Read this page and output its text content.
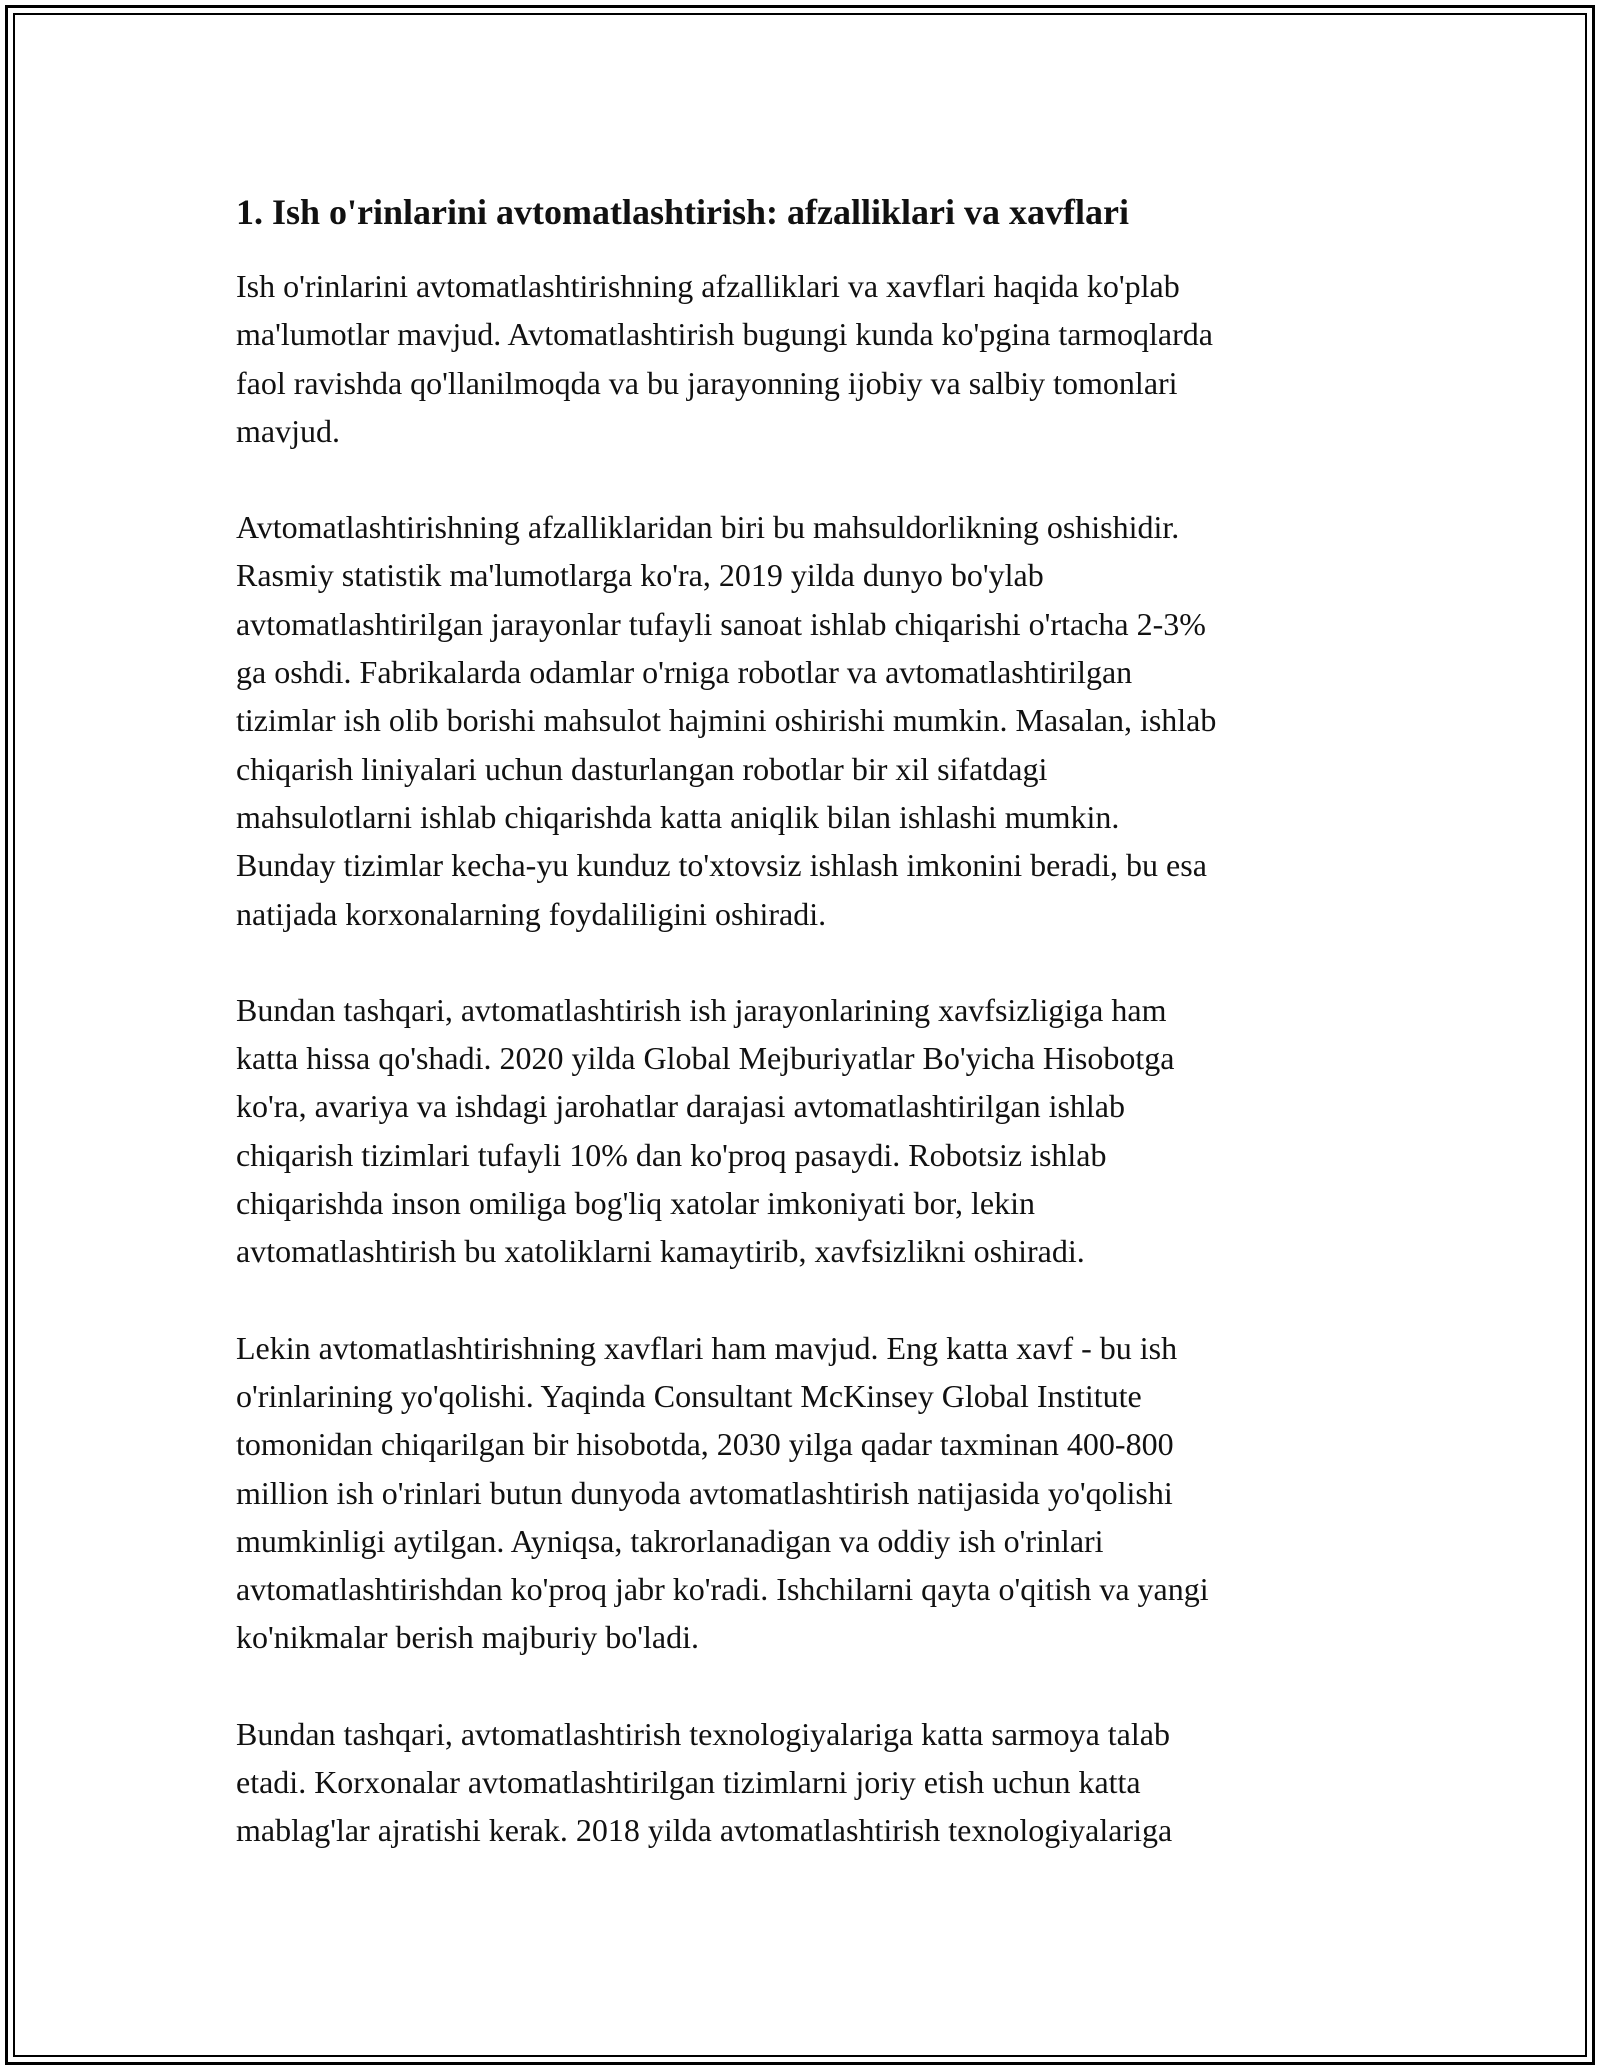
1. Ish o'rinlarini avtomatlashtirish: afzalliklari va xavflari

Ish o'rinlarini avtomatlashtirishning afzalliklari va xavflari haqida ko'plab
ma'lumotlar mavjud. Avtomatlashtirish bugungi kunda ko'pgina tarmoqlarda
faol ravishda qo'llanilmoqda va bu jarayonning ijobiy va salbiy tomonlari
mavjud.

Avtomatlashtirishning afzalliklaridan biri bu mahsuldorlikning oshishidir.
Rasmiy statistik ma'lumotlarga ko'ra, 2019 yilda dunyo bo'ylab
avtomatlashtirilgan jarayonlar tufayli sanoat ishlab chiqarishi o'rtacha 2-3%
ga oshdi. Fabrikalarda odamlar o'rniga robotlar va avtomatlashtirilgan
tizimlar ish olib borishi mahsulot hajmini oshirishi mumkin. Masalan, ishlab
chiqarish liniyalari uchun dasturlangan robotlar bir xil sifatdagi
mahsulotlarni ishlab chiqarishda katta aniqlik bilan ishlashi mumkin.
Bunday tizimlar kecha-yu kunduz to'xtovsiz ishlash imkonini beradi, bu esa
natijada korxonalarning foydaliligini oshiradi.

Bundan tashqari, avtomatlashtirish ish jarayonlarining xavfsizligiga ham
katta hissa qo'shadi. 2020 yilda Global Mejburiyatlar Bo'yicha Hisobotga
ko'ra, avariya va ishdagi jarohatlar darajasi avtomatlashtirilgan ishlab
chiqarish tizimlari tufayli 10% dan ko'proq pasaydi. Robotsiz ishlab
chiqarishda inson omiliga bog'liq xatolar imkoniyati bor, lekin
avtomatlashtirish bu xatoliklarni kamaytirib, xavfsizlikni oshiradi.

Lekin avtomatlashtirishning xavflari ham mavjud. Eng katta xavf - bu ish
o'rinlarining yo'qolishi. Yaqinda Consultant McKinsey Global Institute
tomonidan chiqarilgan bir hisobotda, 2030 yilga qadar taxminan 400-800
million ish o'rinlari butun dunyoda avtomatlashtirish natijasida yo'qolishi
mumkinligi aytilgan. Ayniqsa, takrorlanadigan va oddiy ish o'rinlari
avtomatlashtirishdan ko'proq jabr ko'radi. Ishchilarni qayta o'qitish va yangi
ko'nikmalar berish majburiy bo'ladi.

Bundan tashqari, avtomatlashtirish texnologiyalariga katta sarmoya talab
etadi. Korxonalar avtomatlashtirilgan tizimlarni joriy etish uchun katta
mablag'lar ajratishi kerak. 2018 yilda avtomatlashtirish texnologiyalariga
